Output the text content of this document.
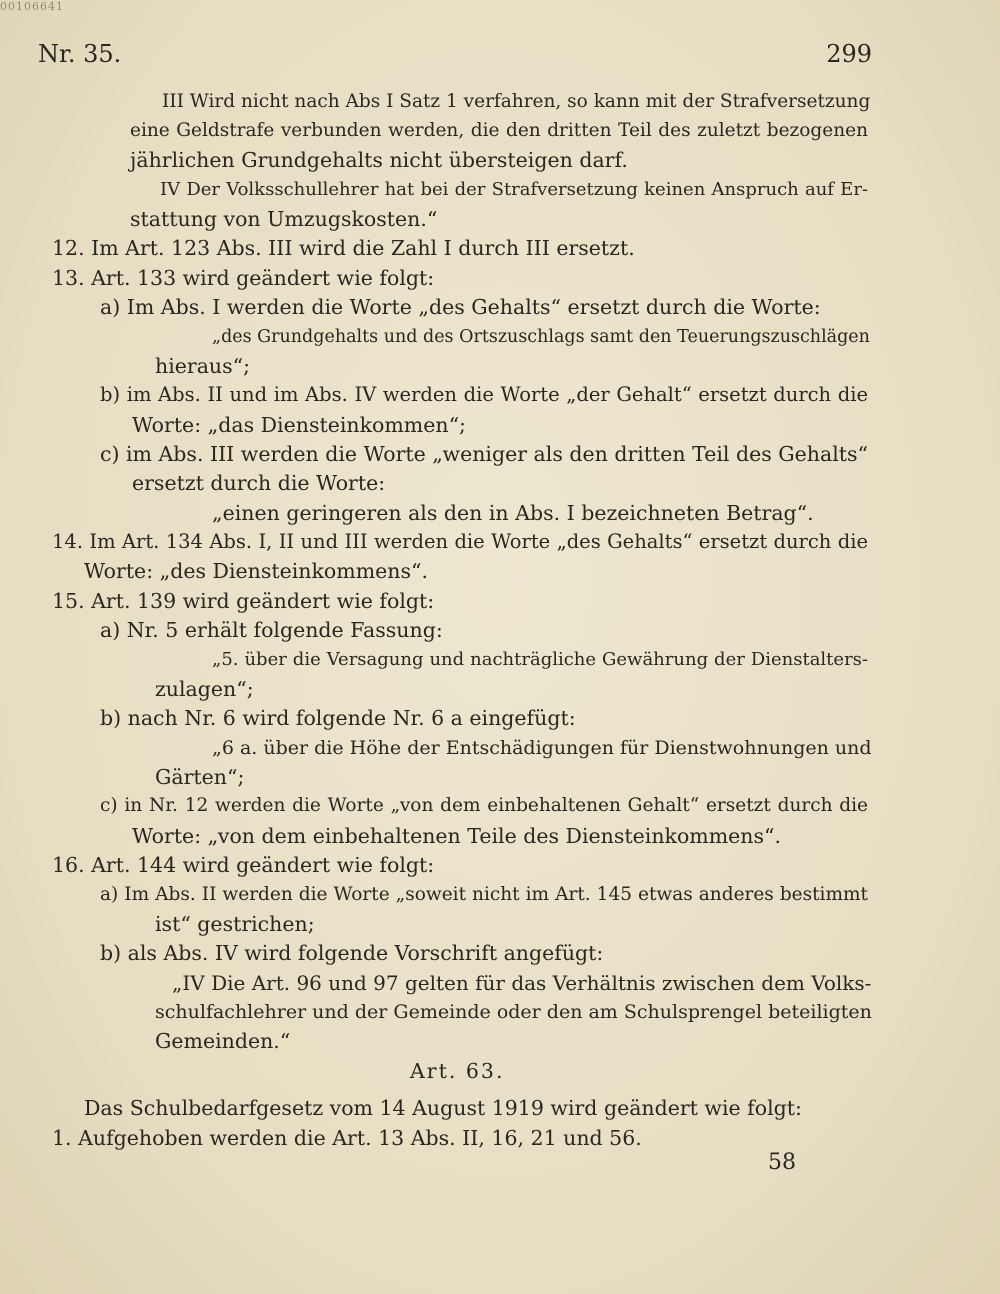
00106641
Nr. 35.	299
III Wird nicht nach Abs I Satz 1 verfahren, so kann mit der Strafversetzung
eine Geldstrafe verbunden werden, die den dritten Teil des zuletzt bezogenen
jährlichen Grundgehalts nicht übersteigen darf.
IV Der Volksschullehrer hat bei der Strafversetzung keinen Anspruch auf Er-
stattung von Umzugskosten.“
12. Im Art. 123 Abs. III wird die Zahl I durch III ersetzt.
13. Art. 133 wird geändert wie folgt:
a) Im Abs. I werden die Worte „des Gehalts“ ersetzt durch die Worte:
„des Grundgehalts und des Ortszuschlags samt den Teuerungszuschlägen
hieraus“;
b) im Abs. II und im Abs. IV werden die Worte „der Gehalt“ ersetzt durch die
Worte: „das Diensteinkommen“;
c) im Abs. III werden die Worte „weniger als den dritten Teil des Gehalts“
ersetzt durch die Worte:
„einen geringeren als den in Abs. I bezeichneten Betrag“.
14. Im Art. 134 Abs. I, II und III werden die Worte „des Gehalts“ ersetzt durch die
Worte: „des Diensteinkommens“.
15. Art. 139 wird geändert wie folgt:
a) Nr. 5 erhält folgende Fassung:
„5. über die Versagung und nachträgliche Gewährung der Dienstalters-
zulagen“;
b) nach Nr. 6 wird folgende Nr. 6 a eingefügt:
„6 a. über die Höhe der Entschädigungen für Dienstwohnungen und
Gärten“;
c) in Nr. 12 werden die Worte „von dem einbehaltenen Gehalt“ ersetzt durch die
Worte: „von dem einbehaltenen Teile des Diensteinkommens“.
16. Art. 144 wird geändert wie folgt:
a) Im Abs. II werden die Worte „soweit nicht im Art. 145 etwas anderes bestimmt
ist“ gestrichen;
b) als Abs. IV wird folgende Vorschrift angefügt:
„IV Die Art. 96 und 97 gelten für das Verhältnis zwischen dem Volks-
schulfachlehrer und der Gemeinde oder den am Schulsprengel beteiligten
Gemeinden.“
Art. 63.
Das Schulbedarfgesetz vom 14 August 1919 wird geändert wie folgt:
1. Aufgehoben werden die Art. 13 Abs. II, 16, 21 und 56.
58
